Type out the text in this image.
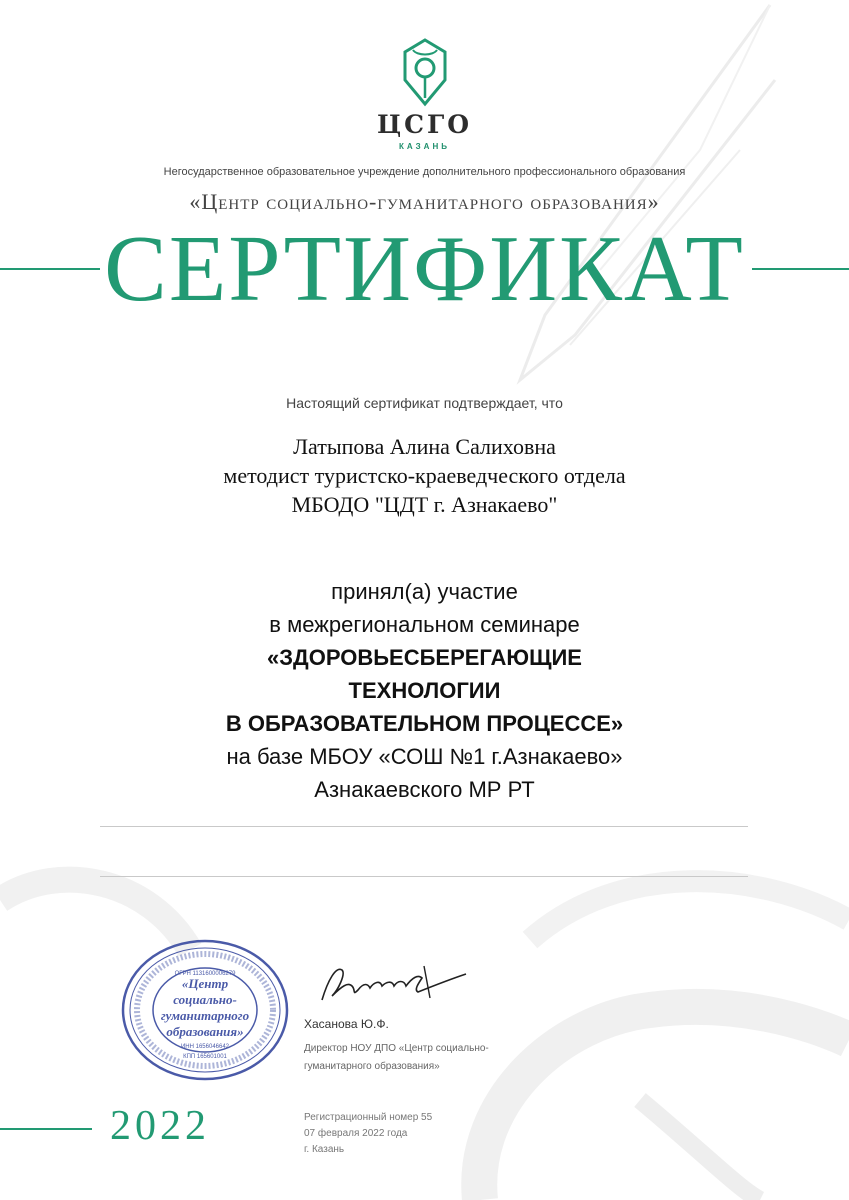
ЦСГО
КАЗАНЬ
Негосударственное образовательное учреждение дополнительного профессионального образования
«Центр социально-гуманитарного образования»
СЕРТИФИКАТ
Настоящий сертификат подтверждает, что
Латыпова Алина Салиховна
методист туристско-краеведческого отдела
МБОДО "ЦДТ г. Азнакаево"
принял(а) участие
в межрегиональном семинаре
«ЗДОРОВЬЕСБЕРЕГАЮЩИЕ
ТЕХНОЛОГИИ
В ОБРАЗОВАТЕЛЬНОМ ПРОЦЕССЕ»
на базе МБОУ «СОШ №1 г.Азнакаево»
Азнакаевского МР РТ
«Центр
социально-
гуманитарного
образования»
ОГРН 1131600006279
ИНН 1656046642
КПП 165601001
Хасанова Ю.Ф.
Директор НОУ ДПО «Центр социально-
гуманитарного образования»
2022	Регистрационный номер 55
07 февраля 2022 года
г. Казань
